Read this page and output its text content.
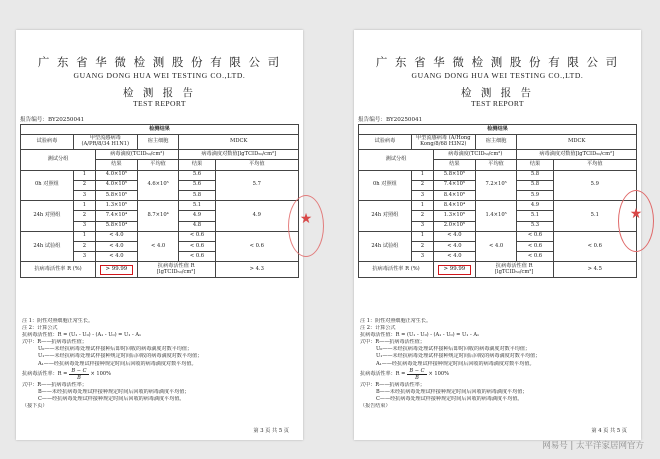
广 东 省 华 微 检 测 股 份 有 限 公 司
GUANG DONG HUA WEI TESTING CO.,LTD.
检 测 报 告
TEST REPORT
报告编号：BY20250041
检测结果					
试验病毒	甲型流感病毒 (A/PR/8/34 H1N1)		宿主细胞	MDCK	
测试分组		病毒滴度(TCID₅₀/cm²)		病毒滴度对数值[lgTCID₅₀/cm²]	
		结果	平均值	结果	平均值
0h 对照组	1	4.0×10⁵	4.6×10⁵	5.6	5.7
	2	4.0×10⁵		5.6	
	3	5.8×10⁵		5.8	
24h 对照组	1	1.3×10⁵	8.7×10⁴	5.1	4.9
	2	7.4×10⁴		4.9	
	3	5.8×10⁴		4.8	
24h 试验组	1	< 4.0	< 4.0	< 0.6	< 0.6
	2	< 4.0		< 0.6	
	3	< 4.0		< 0.6	
抗病毒活性率 R (%)		> 99.99	抗病毒活性值 R [lgTCID₅₀/cm²]		> 4.3
注 1：阴性对照细胞正常生长。
注 2：计算公式
抗病毒活性值：R = (U₁ - U₀) - (A₁ - U₀) = U₁ - A₁
式中：R——抗病毒活性值；
U₀——未经抗病毒处理试样接种后即时回收的病毒滴度对数平均值；
U₁——未经抗病毒处理试样接种规定时间后回收的病毒滴度对数平均值；
A₁——经抗病毒处理试样接种规定时间后回收的病毒滴度对数平均值。
抗病毒活性率：$R = \frac{B - C}{B} \times 100\%$
式中：R——抗病毒活性率；
B——未经抗病毒处理试样接种规定时间后回收的病毒滴度平均值；
C——经抗病毒处理试样接种规定时间后回收的病毒滴度平均值。
（接下页）
第 3 页 共 5 页
★
广 东 省 华 微 检 测 股 份 有 限 公 司
GUANG DONG HUA WEI TESTING CO.,LTD.
检 测 报 告
TEST REPORT
报告编号：BY20250041
检测结果					
试验病毒	甲型流感病毒 (A/Hong Kong/8/68 H3N2)		宿主细胞	MDCK	
测试分组		病毒滴度(TCID₅₀/cm²)		病毒滴度对数值[lgTCID₅₀/cm²]	
		结果	平均值	结果	平均值
0h 对照组	1	5.8×10⁵	7.2×10⁵	5.8	5.9
	2	7.4×10⁵		5.8	
	3	8.4×10⁵		5.9	
24h 对照组	1	8.4×10⁴	1.4×10⁵	4.9	5.1
	2	1.3×10⁵		5.1	
	3	2.0×10⁵		5.3	
24h 试验组	1	< 4.0	< 4.0	< 0.6	< 0.6
	2	< 4.0		< 0.6	
	3	< 4.0		< 0.6	
抗病毒活性率 R (%)		> 99.99	抗病毒活性值 R [lgTCID₅₀/cm²]		> 4.5
注 1：阴性对照细胞正常生长。
注 2：计算公式
抗病毒活性值：R = (U₁ - U₀) - (A₁ - U₀) = U₁ - A₁
式中：R——抗病毒活性值；
U₀——未经抗病毒处理试样接种后即时回收的病毒滴度对数平均值；
U₁——未经抗病毒处理试样接种规定时间后回收的病毒滴度对数平均值；
A₁——经抗病毒处理试样接种规定时间后回收的病毒滴度对数平均值。
抗病毒活性率：$R = \frac{B - C}{B} \times 100\%$
式中：R——抗病毒活性率；
B——未经抗病毒处理试样接种规定时间后回收的病毒滴度平均值；
C——经抗病毒处理试样接种规定时间后回收的病毒滴度平均值。
（报告结束）
第 4 页 共 5 页
★
网易号 | 太平洋家居网官方
